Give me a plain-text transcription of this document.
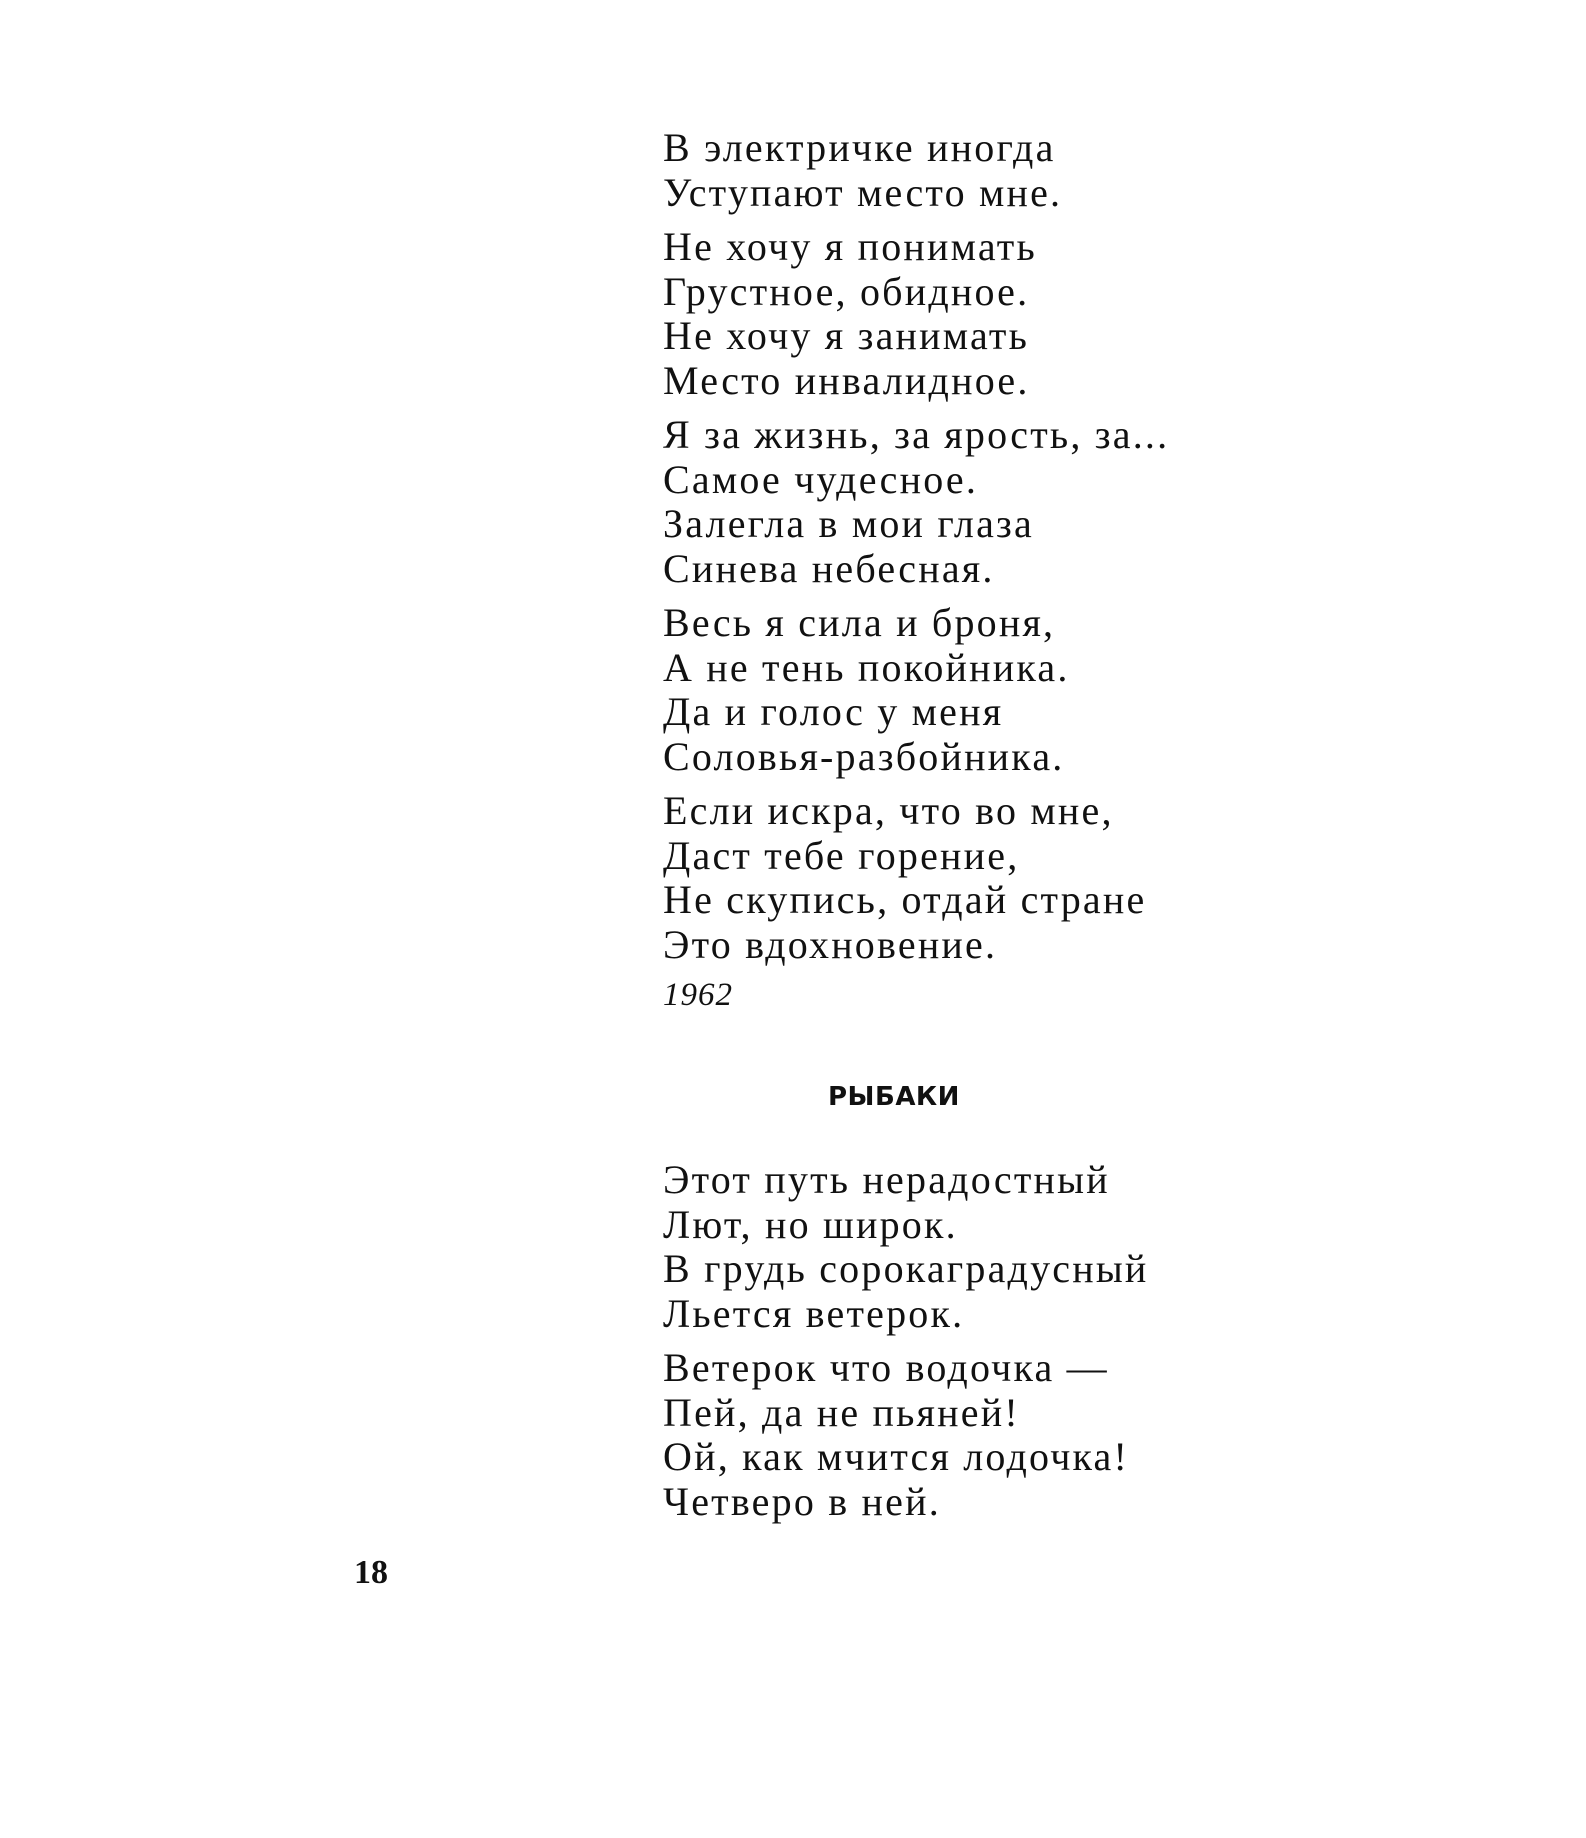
В электричке иногда
Уступают место мне.
Не хочу я понимать
Грустное, обидное.
Не хочу я занимать
Место инвалидное.
Я за жизнь, за ярость, за...
Самое чудесное.
Залегла в мои глаза
Синева небесная.
Весь я сила и броня,
А не тень покойника.
Да и голос у меня
Соловья-разбойника.
Если искра, что во мне,
Даст тебе горение,
Не скупись, отдай стране
Это вдохновение.
1962
РЫБАКИ
Этот путь нерадостный
Лют, но широк.
В грудь сорокаградусный
Льется ветерок.
Ветерок что водочка —
Пей, да не пьяней!
Ой, как мчится лодочка!
Четверо в ней.
18
